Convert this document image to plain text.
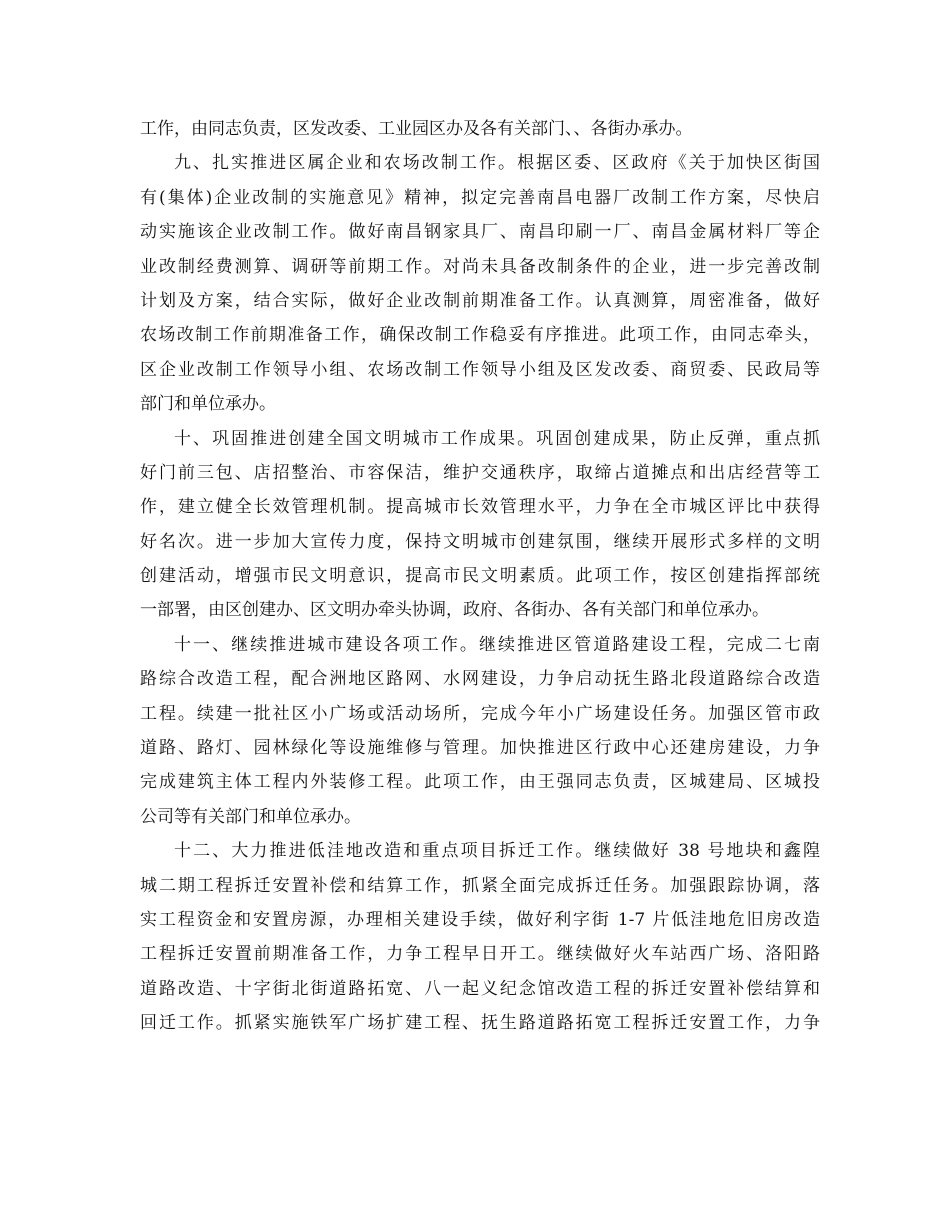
工作，由同志负责，区发改委、工业园区办及各有关部门、、各街办承办。
九、扎实推进区属企业和农场改制工作。根据区委、区政府《关于加快区街国
有(集体)企业改制的实施意见》精神，拟定完善南昌电器厂改制工作方案，尽快启
动实施该企业改制工作。做好南昌钢家具厂、南昌印刷一厂、南昌金属材料厂等企
业改制经费测算、调研等前期工作。对尚未具备改制条件的企业，进一步完善改制
计划及方案，结合实际，做好企业改制前期准备工作。认真测算，周密准备，做好
农场改制工作前期准备工作，确保改制工作稳妥有序推进。此项工作，由同志牵头，
区企业改制工作领导小组、农场改制工作领导小组及区发改委、商贸委、民政局等
部门和单位承办。
十、巩固推进创建全国文明城市工作成果。巩固创建成果，防止反弹，重点抓
好门前三包、店招整治、市容保洁，维护交通秩序，取缔占道摊点和出店经营等工
作，建立健全长效管理机制。提高城市长效管理水平，力争在全市城区评比中获得
好名次。进一步加大宣传力度，保持文明城市创建氛围，继续开展形式多样的文明
创建活动，增强市民文明意识，提高市民文明素质。此项工作，按区创建指挥部统
一部署，由区创建办、区文明办牵头协调，政府、各街办、各有关部门和单位承办。
十一、继续推进城市建设各项工作。继续推进区管道路建设工程，完成二七南
路综合改造工程，配合洲地区路网、水网建设，力争启动抚生路北段道路综合改造
工程。续建一批社区小广场或活动场所，完成今年小广场建设任务。加强区管市政
道路、路灯、园林绿化等设施维修与管理。加快推进区行政中心还建房建设，力争
完成建筑主体工程内外装修工程。此项工作，由王强同志负责，区城建局、区城投
公司等有关部门和单位承办。
十二、大力推进低洼地改造和重点项目拆迁工作。继续做好 38 号地块和鑫隍
城二期工程拆迁安置补偿和结算工作，抓紧全面完成拆迁任务。加强跟踪协调，落
实工程资金和安置房源，办理相关建设手续，做好利字街 1-7 片低洼地危旧房改造
工程拆迁安置前期准备工作，力争工程早日开工。继续做好火车站西广场、洛阳路
道路改造、十字街北街道路拓宽、八一起义纪念馆改造工程的拆迁安置补偿结算和
回迁工作。抓紧实施铁军广场扩建工程、抚生路道路拓宽工程拆迁安置工作，力争
